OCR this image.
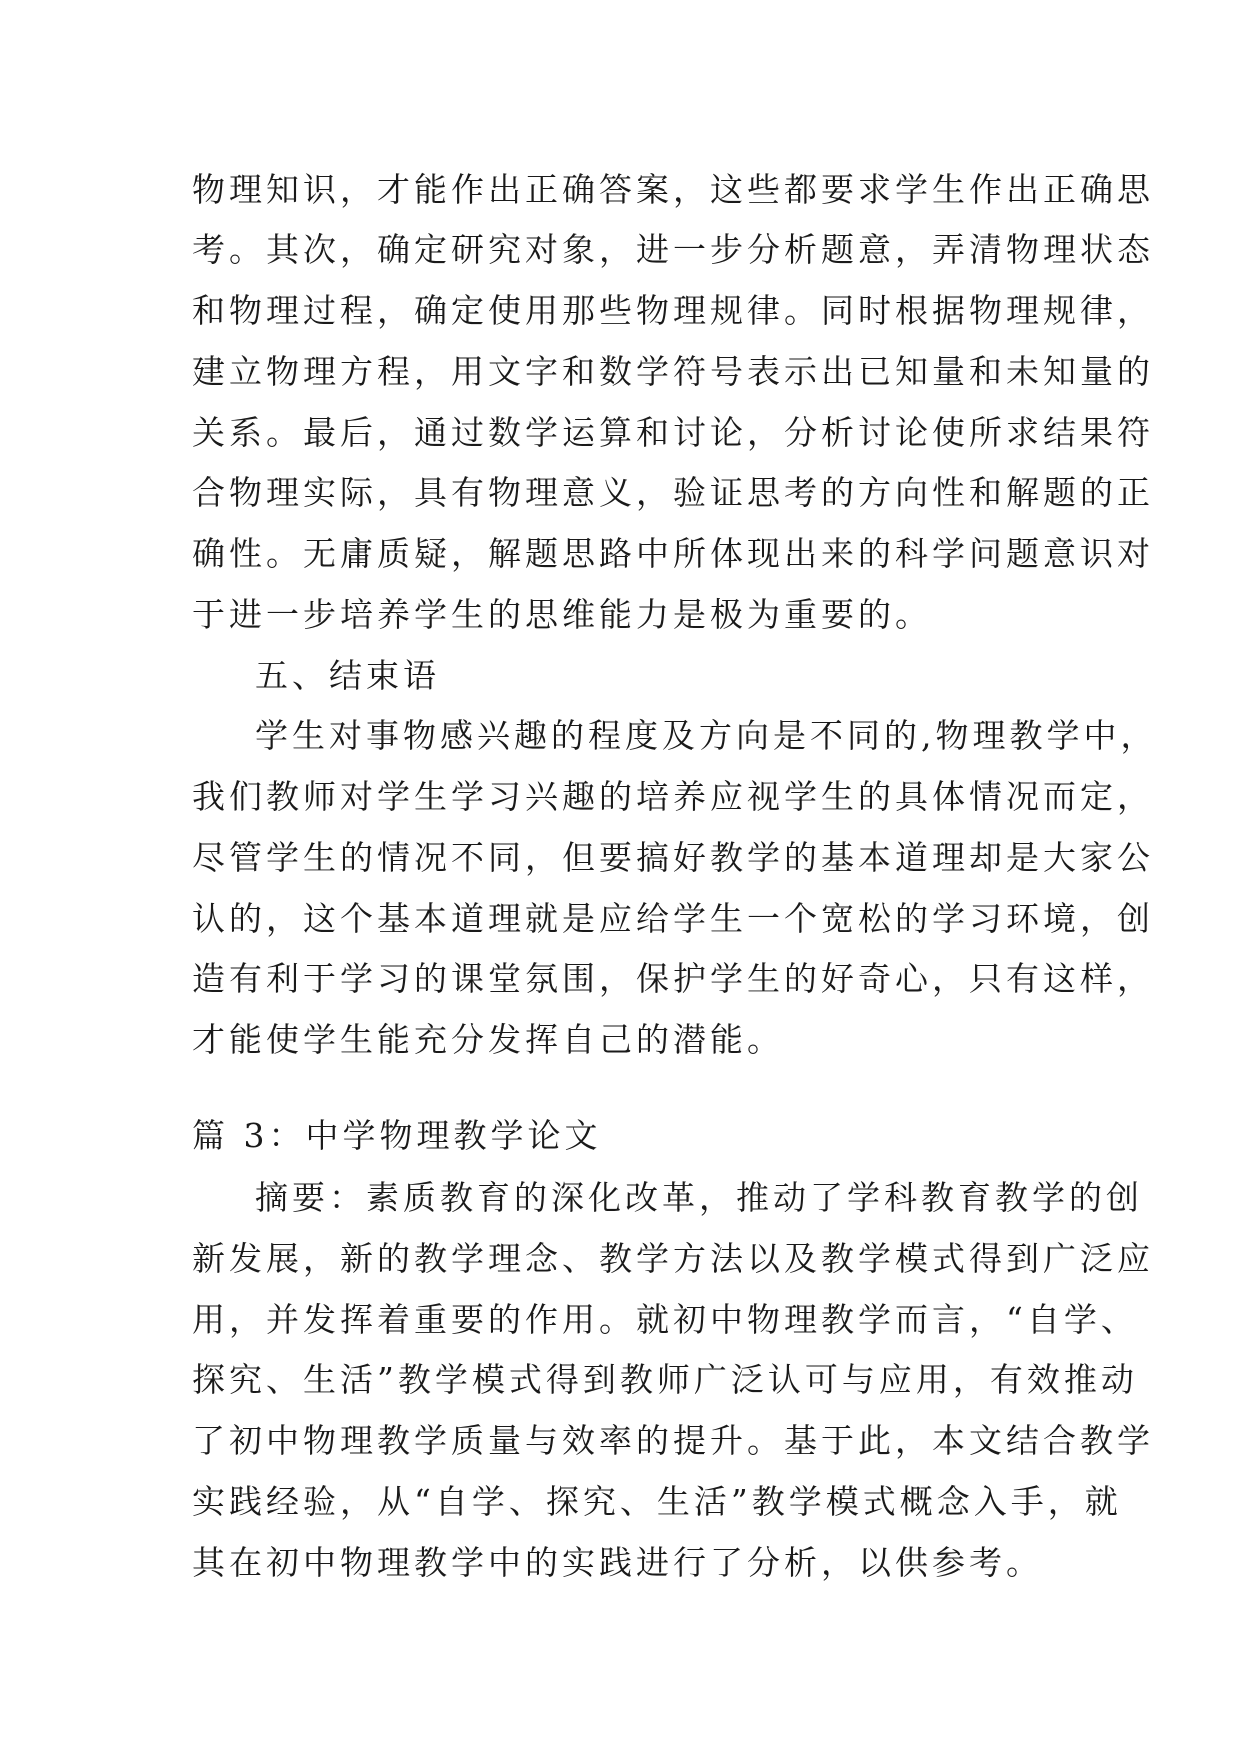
物理知识，才能作出正确答案，这些都要求学生作出正确思
考。其次，确定研究对象，进一步分析题意，弄清物理状态
和物理过程，确定使用那些物理规律。同时根据物理规律，
建立物理方程，用文字和数学符号表示出已知量和未知量的
关系。最后，通过数学运算和讨论，分析讨论使所求结果符
合物理实际，具有物理意义，验证思考的方向性和解题的正
确性。无庸质疑，解题思路中所体现出来的科学问题意识对
于进一步培养学生的思维能力是极为重要的。
五、结束语
学生对事物感兴趣的程度及方向是不同的,物理教学中，
我们教师对学生学习兴趣的培养应视学生的具体情况而定，
尽管学生的情况不同，但要搞好教学的基本道理却是大家公
认的，这个基本道理就是应给学生一个宽松的学习环境，创
造有利于学习的课堂氛围，保护学生的好奇心，只有这样，
才能使学生能充分发挥自己的潜能。
篇 3：中学物理教学论文
摘要：素质教育的深化改革，推动了学科教育教学的创
新发展，新的教学理念、教学方法以及教学模式得到广泛应
用，并发挥着重要的作用。就初中物理教学而言，“自学、
探究、生活”教学模式得到教师广泛认可与应用，有效推动
了初中物理教学质量与效率的提升。基于此，本文结合教学
实践经验，从“自学、探究、生活”教学模式概念入手，就
其在初中物理教学中的实践进行了分析，以供参考。
